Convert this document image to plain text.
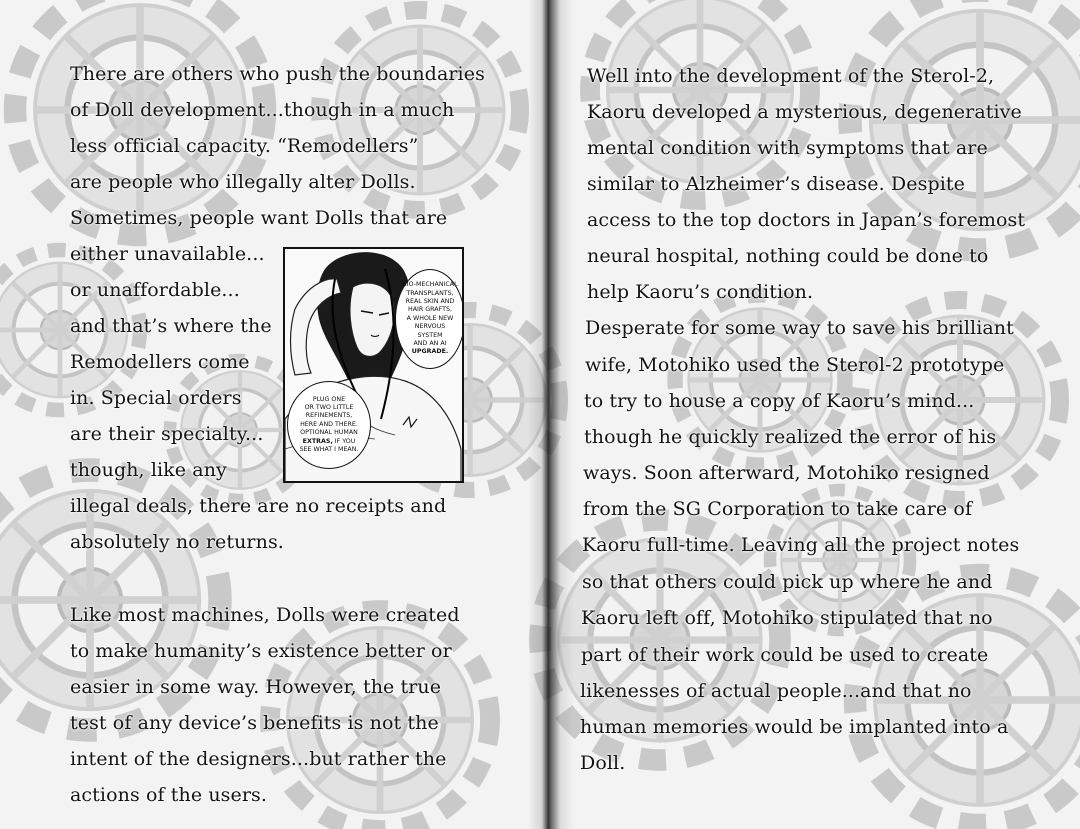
There are others who push the boundaries
of Doll development...though in a much
less official capacity. “Remodellers”
are people who illegally alter Dolls.
Sometimes, people want Dolls that are
either unavailable...
or unaffordable...
and that’s where the
Remodellers come
in. Special orders
are their specialty...
though, like any
illegal deals, there are no receipts and
absolutely no returns.
Like most machines, Dolls were created
to make humanity’s existence better or
easier in some way. However, the true
test of any device’s benefits is not the
intent of the designers...but rather the
actions of the users.
BIO-MECHANICAL
TRANSPLANTS,
REAL SKIN AND
HAIR GRAFTS,
A WHOLE NEW
NERVOUS
SYSTEM
AND AN AI
UPGRADE.
PLUG ONE
OR TWO LITTLE
REFINEMENTS,
HERE AND THERE.
OPTIONAL HUMAN
EXTRAS, IF YOU
SEE WHAT I MEAN.
Well into the development of the Sterol-2,
Kaoru developed a mysterious, degenerative
mental condition with symptoms that are
similar to Alzheimer’s disease. Despite
access to the top doctors in Japan’s foremost
neural hospital, nothing could be done to
help Kaoru’s condition.
Desperate for some way to save his brilliant
wife, Motohiko used the Sterol-2 prototype
to try to house a copy of Kaoru’s mind...
though he quickly realized the error of his
ways. Soon afterward, Motohiko resigned
from the SG Corporation to take care of
Kaoru full-time. Leaving all the project notes
so that others could pick up where he and
Kaoru left off, Motohiko stipulated that no
part of their work could be used to create
likenesses of actual people...and that no
human memories would be implanted into a
Doll.
